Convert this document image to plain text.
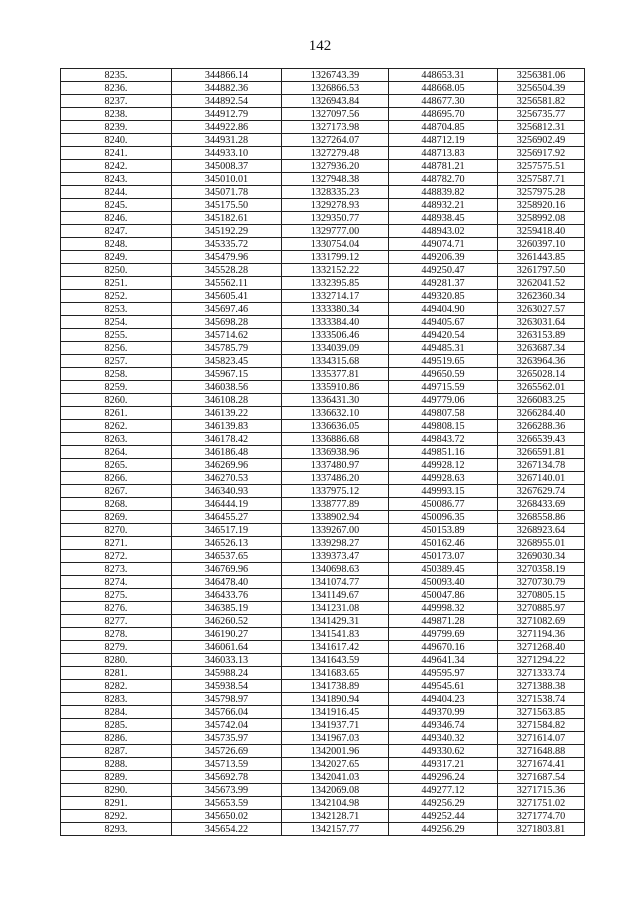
142
8235.	344866.14	1326743.39	448653.31	3256381.06
8236.	344882.36	1326866.53	448668.05	3256504.39
8237.	344892.54	1326943.84	448677.30	3256581.82
8238.	344912.79	1327097.56	448695.70	3256735.77
8239.	344922.86	1327173.98	448704.85	3256812.31
8240.	344931.28	1327264.07	448712.19	3256902.49
8241.	344933.10	1327279.48	448713.83	3256917.92
8242.	345008.37	1327936.20	448781.21	3257575.51
8243.	345010.01	1327948.38	448782.70	3257587.71
8244.	345071.78	1328335.23	448839.82	3257975.28
8245.	345175.50	1329278.93	448932.21	3258920.16
8246.	345182.61	1329350.77	448938.45	3258992.08
8247.	345192.29	1329777.00	448943.02	3259418.40
8248.	345335.72	1330754.04	449074.71	3260397.10
8249.	345479.96	1331799.12	449206.39	3261443.85
8250.	345528.28	1332152.22	449250.47	3261797.50
8251.	345562.11	1332395.85	449281.37	3262041.52
8252.	345605.41	1332714.17	449320.85	3262360.34
8253.	345697.46	1333380.34	449404.90	3263027.57
8254.	345698.28	1333384.40	449405.67	3263031.64
8255.	345714.62	1333506.46	449420.54	3263153.89
8256.	345785.79	1334039.09	449485.31	3263687.34
8257.	345823.45	1334315.68	449519.65	3263964.36
8258.	345967.15	1335377.81	449650.59	3265028.14
8259.	346038.56	1335910.86	449715.59	3265562.01
8260.	346108.28	1336431.30	449779.06	3266083.25
8261.	346139.22	1336632.10	449807.58	3266284.40
8262.	346139.83	1336636.05	449808.15	3266288.36
8263.	346178.42	1336886.68	449843.72	3266539.43
8264.	346186.48	1336938.96	449851.16	3266591.81
8265.	346269.96	1337480.97	449928.12	3267134.78
8266.	346270.53	1337486.20	449928.63	3267140.01
8267.	346340.93	1337975.12	449993.15	3267629.74
8268.	346444.19	1338777.89	450086.77	3268433.69
8269.	346455.27	1338902.94	450096.35	3268558.86
8270.	346517.19	1339267.00	450153.89	3268923.64
8271.	346526.13	1339298.27	450162.46	3268955.01
8272.	346537.65	1339373.47	450173.07	3269030.34
8273.	346769.96	1340698.63	450389.45	3270358.19
8274.	346478.40	1341074.77	450093.40	3270730.79
8275.	346433.76	1341149.67	450047.86	3270805.15
8276.	346385.19	1341231.08	449998.32	3270885.97
8277.	346260.52	1341429.31	449871.28	3271082.69
8278.	346190.27	1341541.83	449799.69	3271194.36
8279.	346061.64	1341617.42	449670.16	3271268.40
8280.	346033.13	1341643.59	449641.34	3271294.22
8281.	345988.24	1341683.65	449595.97	3271333.74
8282.	345938.54	1341738.89	449545.61	3271388.38
8283.	345798.97	1341890.94	449404.23	3271538.74
8284.	345766.04	1341916.45	449370.99	3271563.85
8285.	345742.04	1341937.71	449346.74	3271584.82
8286.	345735.97	1341967.03	449340.32	3271614.07
8287.	345726.69	1342001.96	449330.62	3271648.88
8288.	345713.59	1342027.65	449317.21	3271674.41
8289.	345692.78	1342041.03	449296.24	3271687.54
8290.	345673.99	1342069.08	449277.12	3271715.36
8291.	345653.59	1342104.98	449256.29	3271751.02
8292.	345650.02	1342128.71	449252.44	3271774.70
8293.	345654.22	1342157.77	449256.29	3271803.81
